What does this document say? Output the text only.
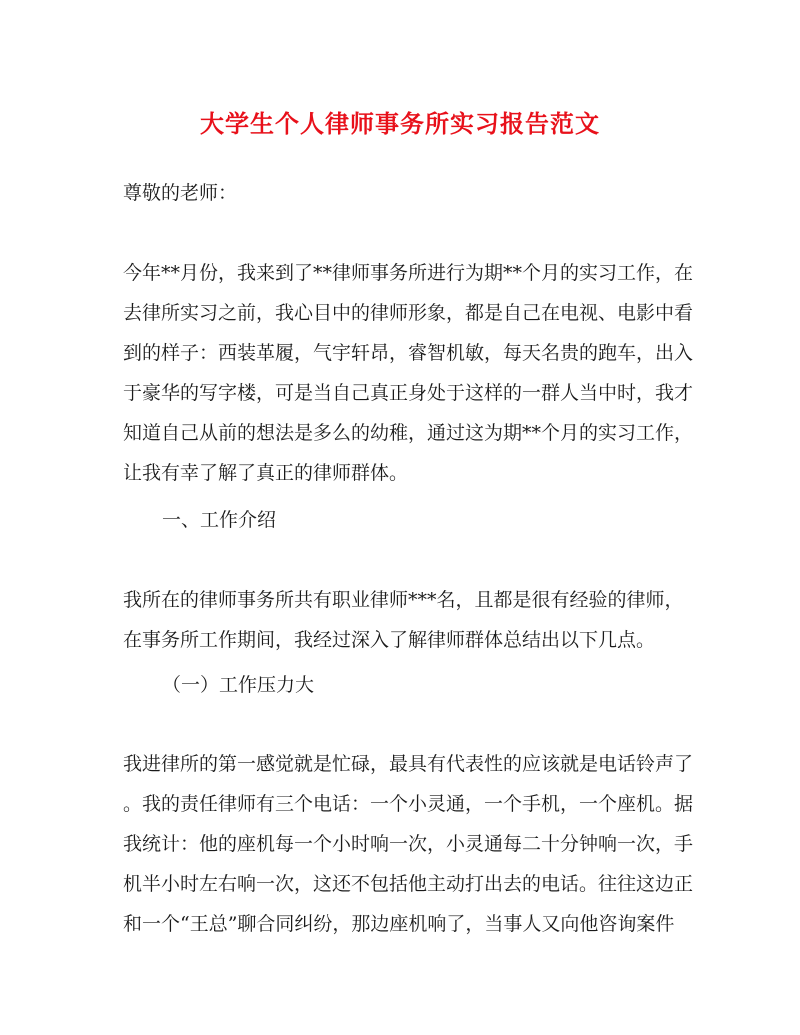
大学生个人律师事务所实习报告范文

尊敬的老师：

今年**月份，我来到了**律师事务所进行为期**个月的实习工作，在

去律所实习之前，我心目中的律师形象，都是自己在电视、电影中看

到的样子：西装革履，气宇轩昂，睿智机敏，每天名贵的跑车，出入

于豪华的写字楼，可是当自己真正身处于这样的一群人当中时，我才

知道自己从前的想法是多么的幼稚，通过这为期**个月的实习工作，

让我有幸了解了真正的律师群体。

一、工作介绍

我所在的律师事务所共有职业律师***名，且都是很有经验的律师，

在事务所工作期间，我经过深入了解律师群体总结出以下几点。

（一）工作压力大

我进律所的第一感觉就是忙碌，最具有代表性的应该就是电话铃声了

。我的责任律师有三个电话：一个小灵通，一个手机，一个座机。据

我统计：他的座机每一个小时响一次，小灵通每二十分钟响一次，手

机半小时左右响一次，这还不包括他主动打出去的电话。往往这边正

和一个“王总”聊合同纠纷，那边座机响了，当事人又向他咨询案件
